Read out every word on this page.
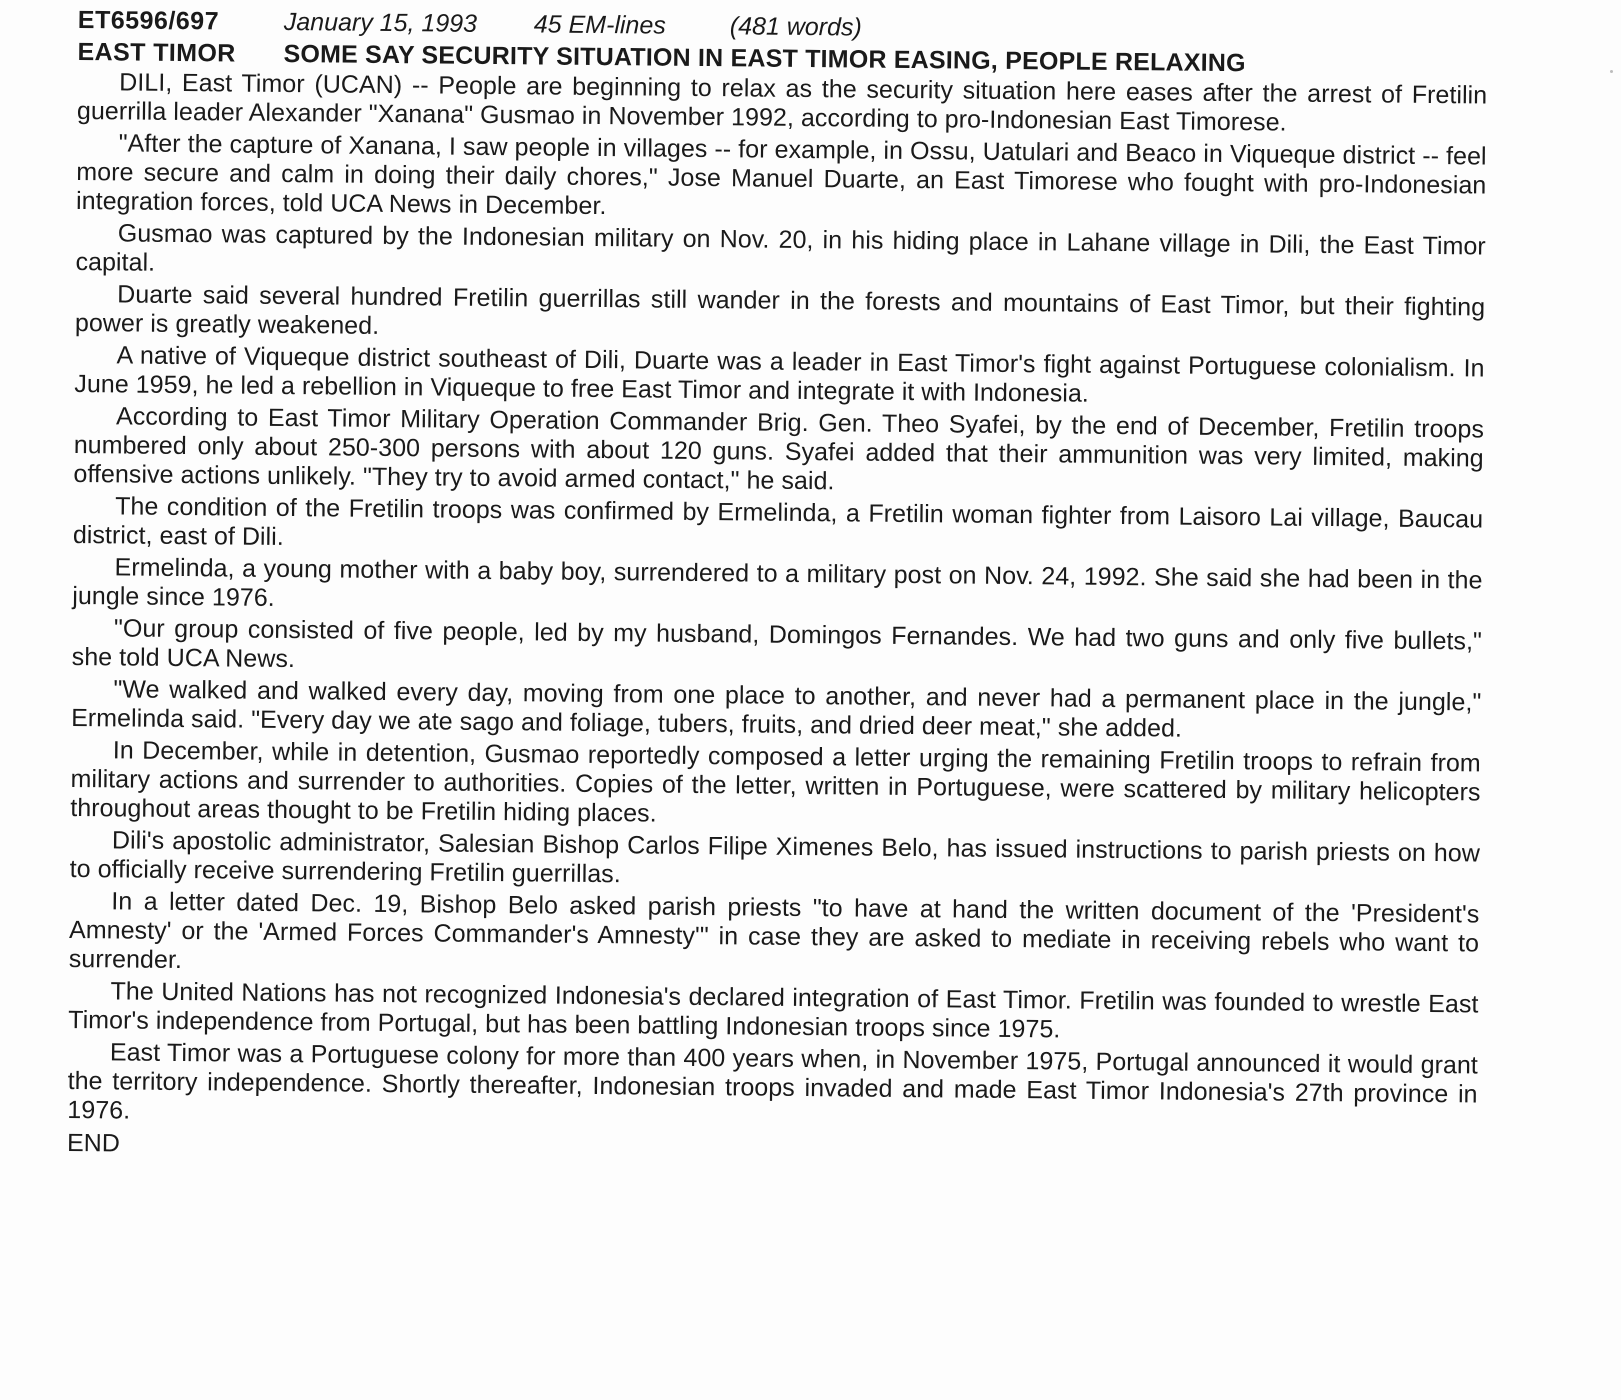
ET6596/697	January 15, 1993	45 EM-lines	(481 words)
EAST TIMOR	SOME SAY SECURITY SITUATION IN EAST TIMOR EASING, PEOPLE RELAXING

DILI, East Timor (UCAN) -- People are beginning to relax as the security situation here eases after the arrest of Fretilin guerrilla leader Alexander "Xanana" Gusmao in November 1992, according to pro-Indonesian East Timorese.

"After the capture of Xanana, I saw people in villages -- for example, in Ossu, Uatulari and Beaco in Viqueque district -- feel more secure and calm in doing their daily chores," Jose Manuel Duarte, an East Timorese who fought with pro-Indonesian integration forces, told UCA News in December.

Gusmao was captured by the Indonesian military on Nov. 20, in his hiding place in Lahane village in Dili, the East Timor capital.

Duarte said several hundred Fretilin guerrillas still wander in the forests and mountains of East Timor, but their fighting power is greatly weakened.

A native of Viqueque district southeast of Dili, Duarte was a leader in East Timor's fight against Portuguese colonialism. In June 1959, he led a rebellion in Viqueque to free East Timor and integrate it with Indonesia.

According to East Timor Military Operation Commander Brig. Gen. Theo Syafei, by the end of December, Fretilin troops numbered only about 250-300 persons with about 120 guns. Syafei added that their ammunition was very limited, making offensive actions unlikely. "They try to avoid armed contact," he said.

The condition of the Fretilin troops was confirmed by Ermelinda, a Fretilin woman fighter from Laisoro Lai village, Baucau district, east of Dili.

Ermelinda, a young mother with a baby boy, surrendered to a military post on Nov. 24, 1992. She said she had been in the jungle since 1976.

"Our group consisted of five people, led by my husband, Domingos Fernandes. We had two guns and only five bullets," she told UCA News.

"We walked and walked every day, moving from one place to another, and never had a permanent place in the jungle," Ermelinda said. "Every day we ate sago and foliage, tubers, fruits, and dried deer meat," she added.

In December, while in detention, Gusmao reportedly composed a letter urging the remaining Fretilin troops to refrain from military actions and surrender to authorities. Copies of the letter, written in Portuguese, were scattered by military helicopters throughout areas thought to be Fretilin hiding places.

Dili's apostolic administrator, Salesian Bishop Carlos Filipe Ximenes Belo, has issued instructions to parish priests on how to officially receive surrendering Fretilin guerrillas.

In a letter dated Dec. 19, Bishop Belo asked parish priests "to have at hand the written document of the 'President's Amnesty' or the 'Armed Forces Commander's Amnesty'" in case they are asked to mediate in receiving rebels who want to surrender.

The United Nations has not recognized Indonesia's declared integration of East Timor. Fretilin was founded to wrestle East Timor's independence from Portugal, but has been battling Indonesian troops since 1975.

East Timor was a Portuguese colony for more than 400 years when, in November 1975, Portugal announced it would grant the territory independence. Shortly thereafter, Indonesian troops invaded and made East Timor Indonesia's 27th province in 1976.

END
